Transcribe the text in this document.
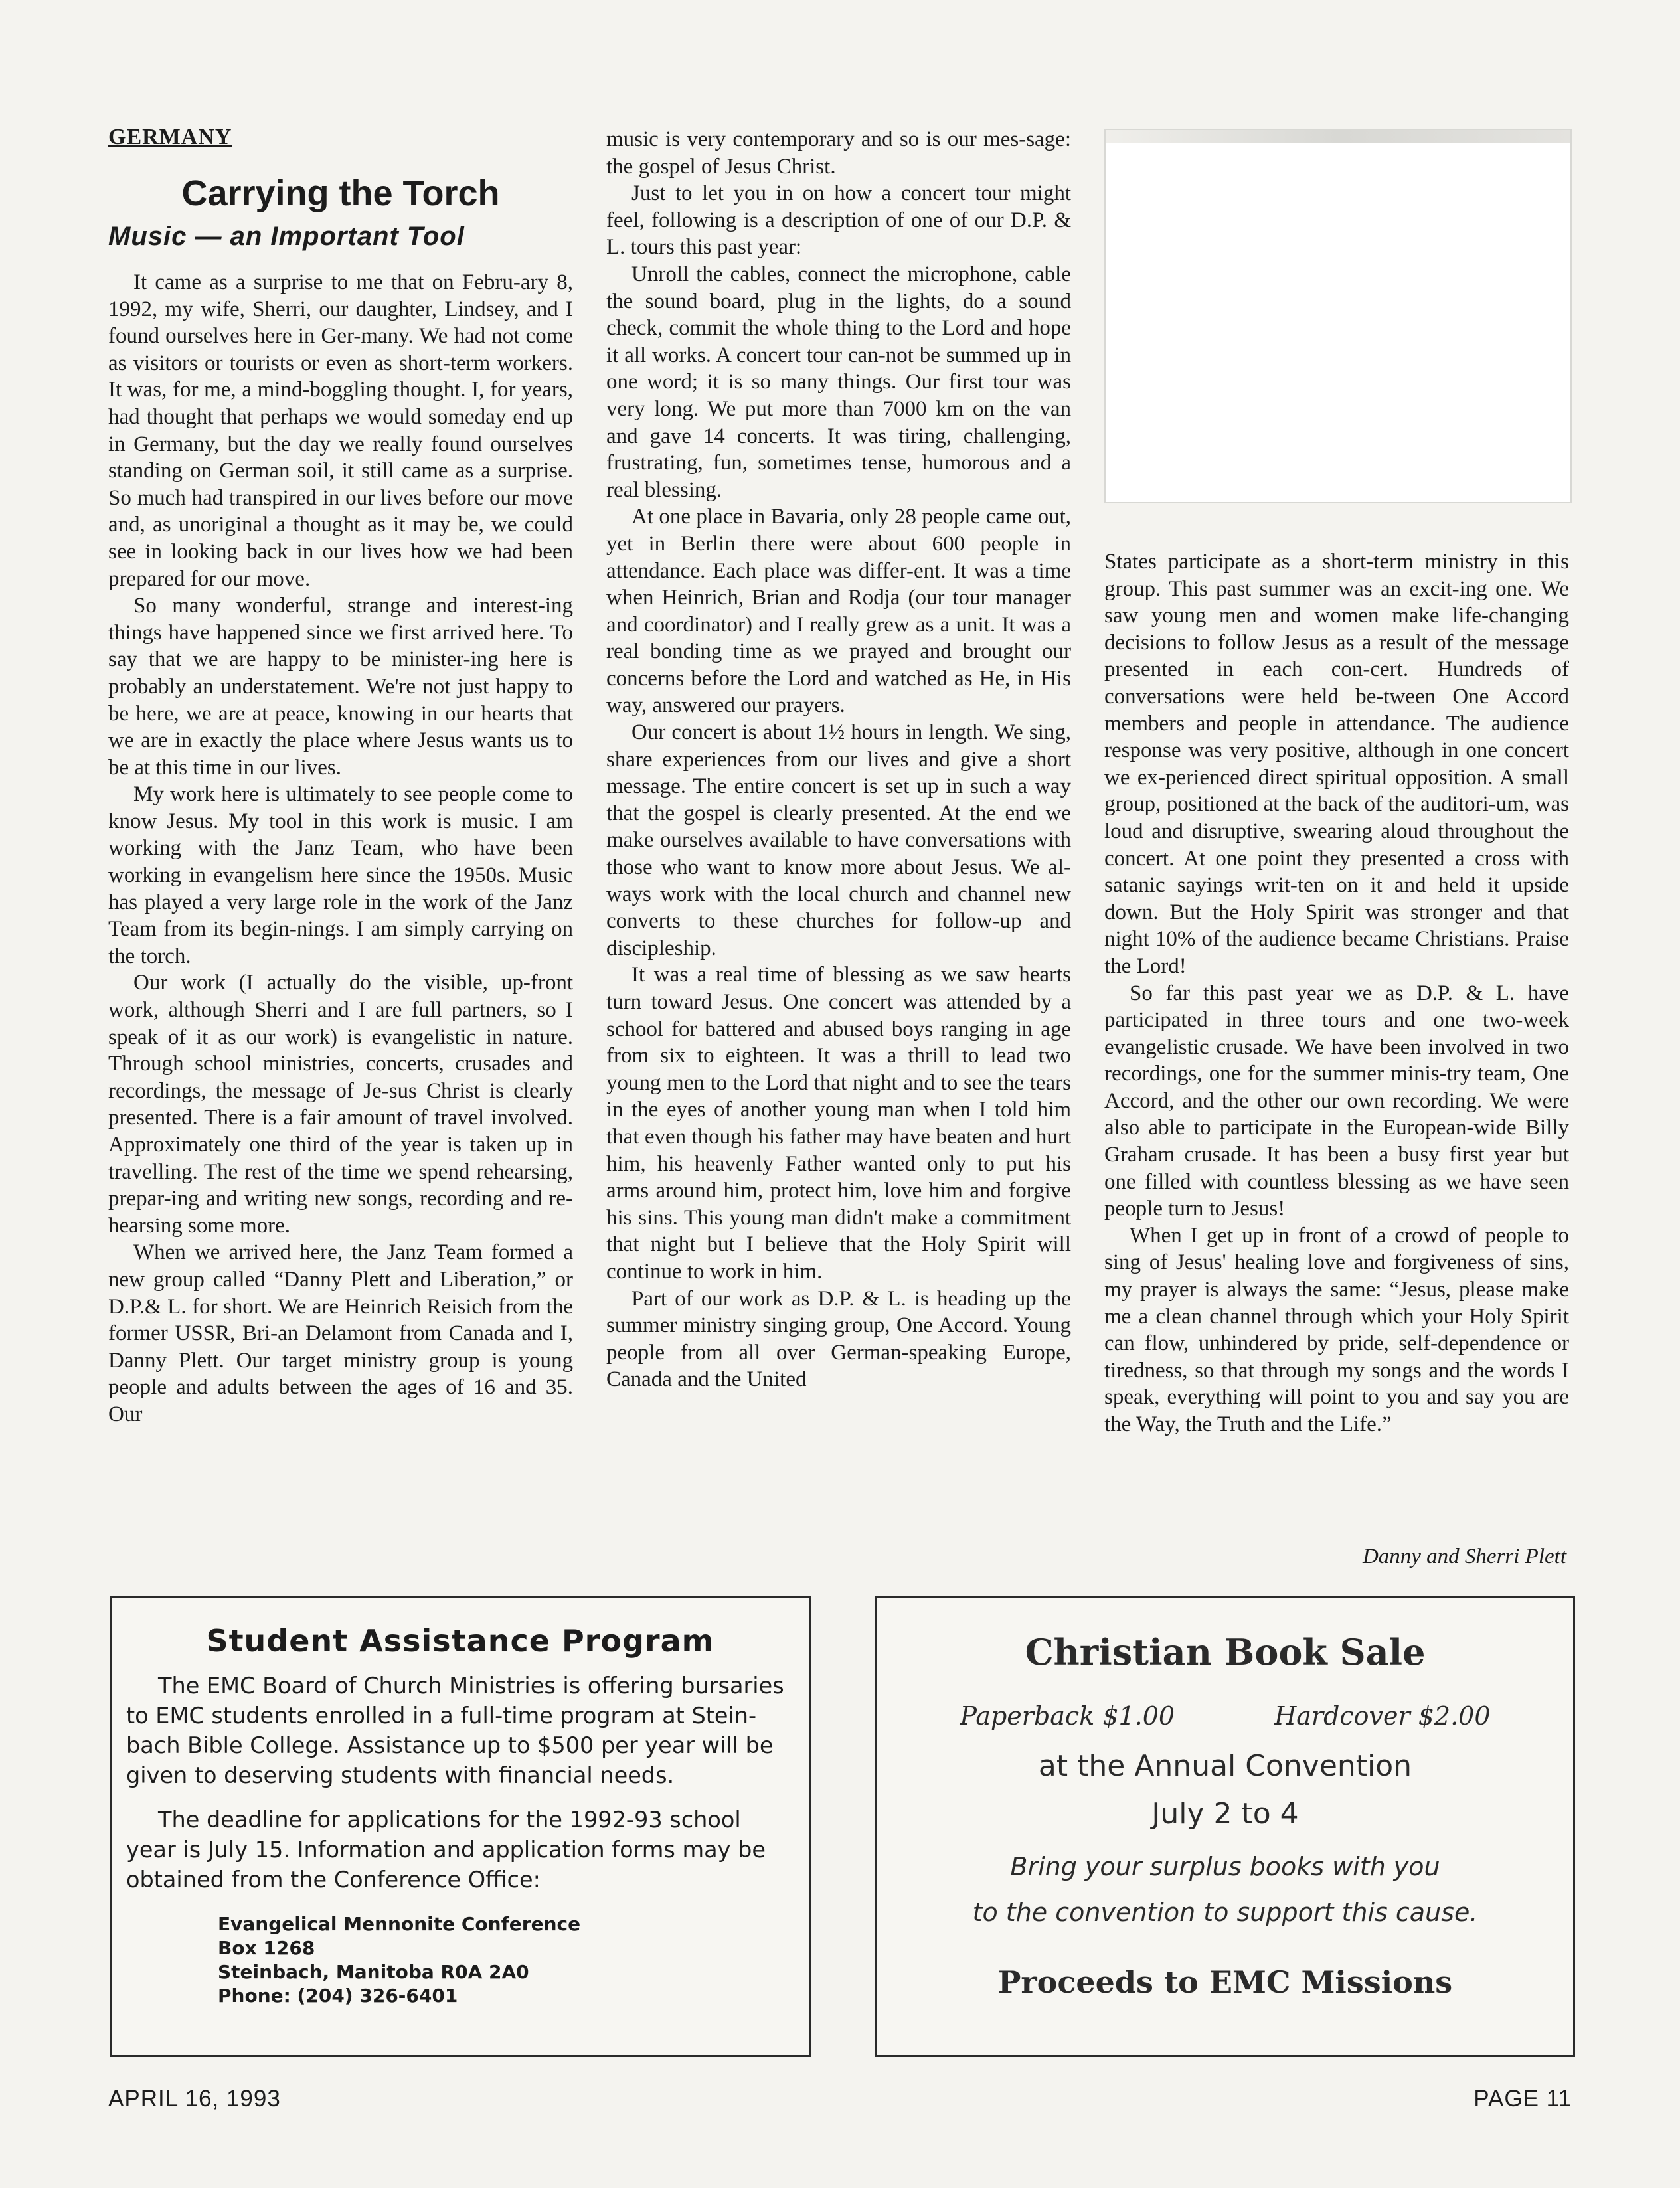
GERMANY
Carrying the Torch
Music — an Important Tool

It came as a surprise to me that on Febru-ary 8, 1992, my wife, Sherri, our daughter, Lindsey, and I found ourselves here in Ger-many. We had not come as visitors or tourists or even as short-term workers. It was, for me, a mind-boggling thought. I, for years, had thought that perhaps we would someday end up in Germany, but the day we really found ourselves standing on German soil, it still came as a surprise. So much had transpired in our lives before our move and, as unoriginal a thought as it may be, we could see in looking back in our lives how we had been prepared for our move.

So many wonderful, strange and interest-ing things have happened since we first arrived here. To say that we are happy to be minister-ing here is probably an understatement. We're not just happy to be here, we are at peace, knowing in our hearts that we are in exactly the place where Jesus wants us to be at this time in our lives.

My work here is ultimately to see people come to know Jesus. My tool in this work is music. I am working with the Janz Team, who have been working in evangelism here since the 1950s. Music has played a very large role in the work of the Janz Team from its begin-nings. I am simply carrying on the torch.

Our work (I actually do the visible, up-front work, although Sherri and I are full partners, so I speak of it as our work) is evangelistic in nature. Through school ministries, concerts, crusades and recordings, the message of Je-sus Christ is clearly presented. There is a fair amount of travel involved. Approximately one third of the year is taken up in travelling. The rest of the time we spend rehearsing, prepar-ing and writing new songs, recording and re-hearsing some more.

When we arrived here, the Janz Team formed a new group called “Danny Plett and Liberation,” or D.P.& L. for short. We are Heinrich Reisich from the former USSR, Bri-an Delamont from Canada and I, Danny Plett. Our target ministry group is young people and adults between the ages of 16 and 35. Our

music is very contemporary and so is our mes-sage: the gospel of Jesus Christ.

Just to let you in on how a concert tour might feel, following is a description of one of our D.P. & L. tours this past year:

Unroll the cables, connect the microphone, cable the sound board, plug in the lights, do a sound check, commit the whole thing to the Lord and hope it all works. A concert tour can-not be summed up in one word; it is so many things. Our first tour was very long. We put more than 7000 km on the van and gave 14 concerts. It was tiring, challenging, frustrating, fun, sometimes tense, humorous and a real blessing.

At one place in Bavaria, only 28 people came out, yet in Berlin there were about 600 people in attendance. Each place was differ-ent. It was a time when Heinrich, Brian and Rodja (our tour manager and coordinator) and I really grew as a unit. It was a real bonding time as we prayed and brought our concerns before the Lord and watched as He, in His way, answered our prayers.

Our concert is about 1½ hours in length. We sing, share experiences from our lives and give a short message. The entire concert is set up in such a way that the gospel is clearly presented. At the end we make ourselves available to have conversations with those who want to know more about Jesus. We al-ways work with the local church and channel new converts to these churches for follow-up and discipleship.

It was a real time of blessing as we saw hearts turn toward Jesus. One concert was attended by a school for battered and abused boys ranging in age from six to eighteen. It was a thrill to lead two young men to the Lord that night and to see the tears in the eyes of another young man when I told him that even though his father may have beaten and hurt him, his heavenly Father wanted only to put his arms around him, protect him, love him and forgive his sins. This young man didn't make a commitment that night but I believe that the Holy Spirit will continue to work in him.

Part of our work as D.P. & L. is heading up the summer ministry singing group, One Accord. Young people from all over German-speaking Europe, Canada and the United

States participate as a short-term ministry in this group. This past summer was an excit-ing one. We saw young men and women make life-changing decisions to follow Jesus as a result of the message presented in each con-cert. Hundreds of conversations were held be-tween One Accord members and people in attendance. The audience response was very positive, although in one concert we ex-perienced direct spiritual opposition. A small group, positioned at the back of the auditori-um, was loud and disruptive, swearing aloud throughout the concert. At one point they presented a cross with satanic sayings writ-ten on it and held it upside down. But the Holy Spirit was stronger and that night 10% of the audience became Christians. Praise the Lord!

So far this past year we as D.P. & L. have participated in three tours and one two-week evangelistic crusade. We have been involved in two recordings, one for the summer minis-try team, One Accord, and the other our own recording. We were also able to participate in the European-wide Billy Graham crusade. It has been a busy first year but one filled with countless blessing as we have seen people turn to Jesus!

When I get up in front of a crowd of people to sing of Jesus' healing love and forgiveness of sins, my prayer is always the same: “Jesus, please make me a clean channel through which your Holy Spirit can flow, unhindered by pride, self-dependence or tiredness, so that through my songs and the words I speak, everything will point to you and say you are the Way, the Truth and the Life.”

Danny and Sherri Plett

Student Assistance Program

The EMC Board of Church Ministries is offering bursaries to EMC students enrolled in a full-time program at Stein-bach Bible College. Assistance up to $500 per year will be given to deserving students with financial needs.

The deadline for applications for the 1992-93 school year is July 15. Information and application forms may be obtained from the Conference Office:

Evangelical Mennonite Conference
Box 1268
Steinbach, Manitoba R0A 2A0
Phone: (204) 326-6401
Christian Book Sale

Paperback $1.00	Hardcover $2.00

at the Annual Convention

July 2 to 4

Bring your surplus books with you

to the convention to support this cause.

Proceeds to EMC Missions

APRIL 16, 1993	PAGE 11
